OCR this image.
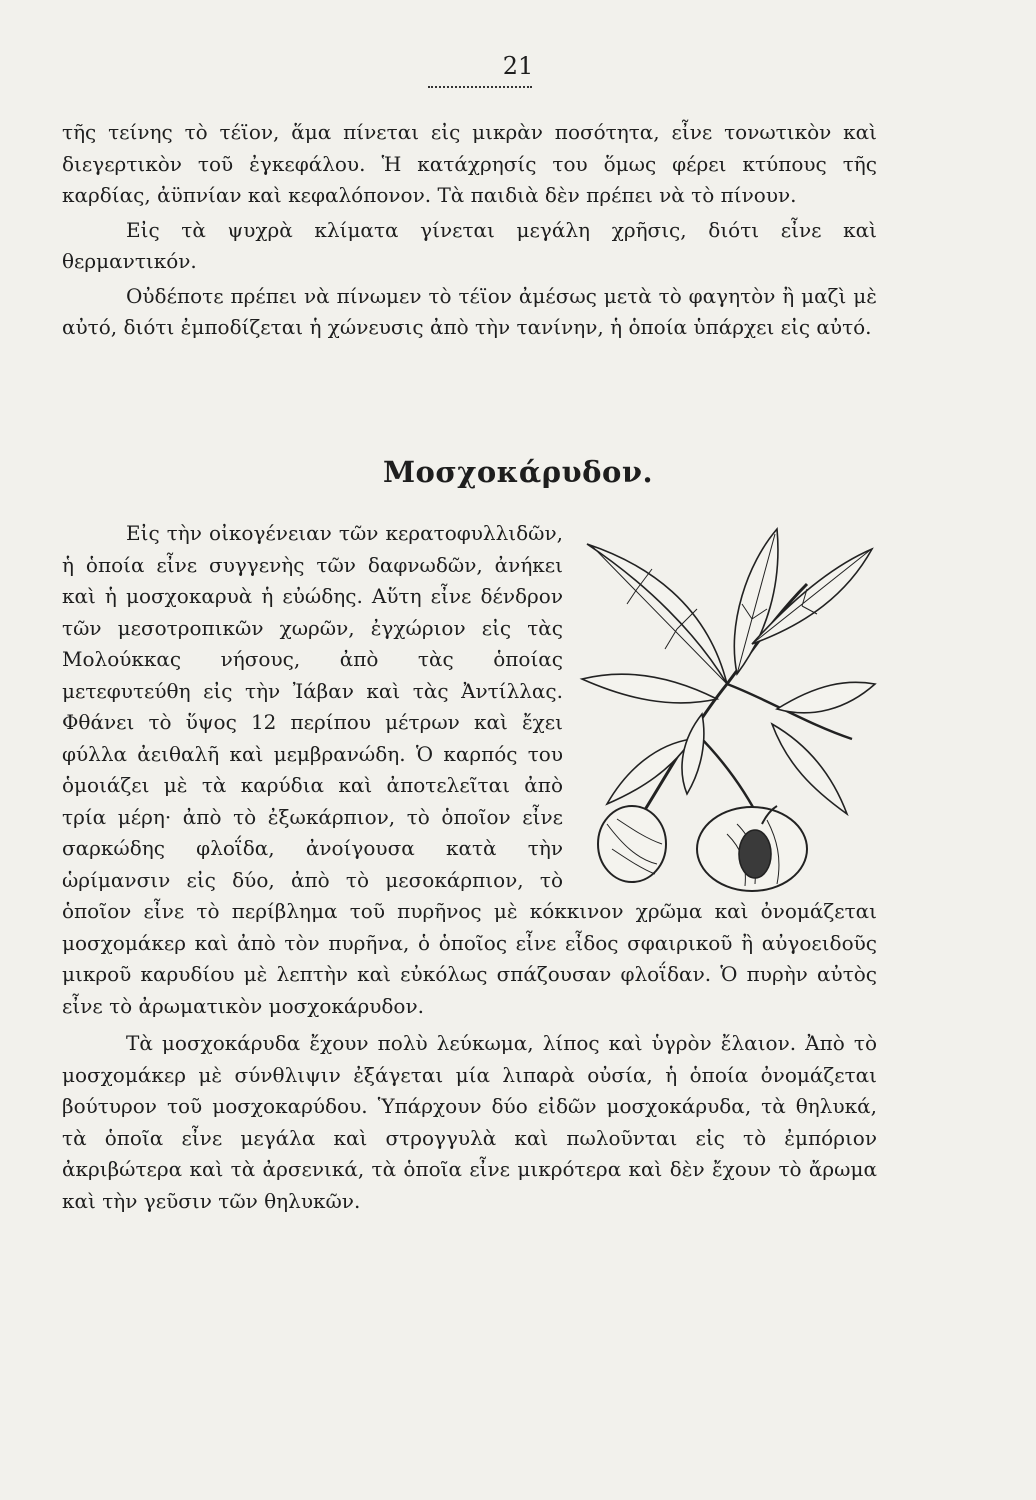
21

τῆς τείνης τὸ τέϊον, ἅμα πίνεται εἰς μικρὰν ποσότητα, εἶνε τονωτικὸν καὶ διεγερτικὸν τοῦ ἐγκεφάλου. Ἡ κατάχρησίς του ὅμως φέρει κτύπους τῆς καρδίας, ἀϋπνίαν καὶ κεφαλόπονον. Τὰ παιδιὰ δὲν πρέπει νὰ τὸ πίνουν.

Εἰς τὰ ψυχρὰ κλίματα γίνεται μεγάλη χρῆσις, διότι εἶνε καὶ θερμαντικόν.

Οὐδέποτε πρέπει νὰ πίνωμεν τὸ τέϊον ἀμέσως μετὰ τὸ φαγητὸν ἢ μαζὶ μὲ αὐτό, διότι ἐμποδίζεται ἡ χώνευσις ἀπὸ τὴν τανίνην, ἡ ὁποία ὑπάρχει εἰς αὐτό.

Μοσχοκάρυδον.

Εἰς τὴν οἰκογένειαν τῶν κερατοφυλλιδῶν, ἡ ὁποία εἶνε συγγενὴς τῶν δαφνωδῶν, ἀνήκει καὶ ἡ μοσχοκαρυὰ ἡ εὐώδης. Αὕτη εἶνε δένδρον τῶν μεσοτροπικῶν χωρῶν, ἐγχώριον εἰς τὰς Μολούκκας νήσους, ἀπὸ τὰς ὁποίας μετεφυτεύθη εἰς τὴν Ἰάβαν καὶ τὰς Ἀντίλλας. Φθάνει τὸ ὕψος 12 περίπου μέτρων καὶ ἔχει φύλλα ἀειθαλῆ καὶ μεμβρανώδη. Ὁ καρπός του ὁμοιάζει μὲ τὰ καρύδια καὶ ἀποτελεῖται ἀπὸ τρία μέρη· ἀπὸ τὸ ἐξωκάρπιον, τὸ ὁποῖον εἶνε σαρκώδης φλοΐδα, ἀνοίγουσα κατὰ τὴν ὡρίμανσιν εἰς δύο, ἀπὸ τὸ μεσοκάρπιον, τὸ ὁποῖον εἶνε τὸ περίβλημα τοῦ πυρῆνος μὲ κόκκινον χρῶμα καὶ ὀνομάζεται μοσχομάκερ καὶ ἀπὸ τὸν πυρῆνα, ὁ ὁποῖος εἶνε εἶδος σφαιρικοῦ ἢ αὐγοειδοῦς μικροῦ καρυδίου μὲ λεπτὴν καὶ εὐκόλως σπάζουσαν φλοΐδαν. Ὁ πυρὴν αὐτὸς εἶνε τὸ ἀρωματικὸν μοσχοκάρυδον.

Τὰ μοσχοκάρυδα ἔχουν πολὺ λεύκωμα, λίπος καὶ ὑγρὸν ἔλαιον. Ἀπὸ τὸ μοσχομάκερ μὲ σύνθλιψιν ἐξάγεται μία λιπαρὰ οὐσία, ἡ ὁποία ὀνομάζεται βούτυρον τοῦ μοσχοκαρύδου. Ὑπάρχουν δύο εἰδῶν μοσχοκάρυδα, τὰ θηλυκά, τὰ ὁποῖα εἶνε μεγάλα καὶ στρογγυλὰ καὶ πωλοῦνται εἰς τὸ ἐμπόριον ἀκριβώτερα καὶ τὰ ἀρσενικά, τὰ ὁποῖα εἶνε μικρότερα καὶ δὲν ἔχουν τὸ ἄρωμα καὶ τὴν γεῦσιν τῶν θηλυκῶν.
